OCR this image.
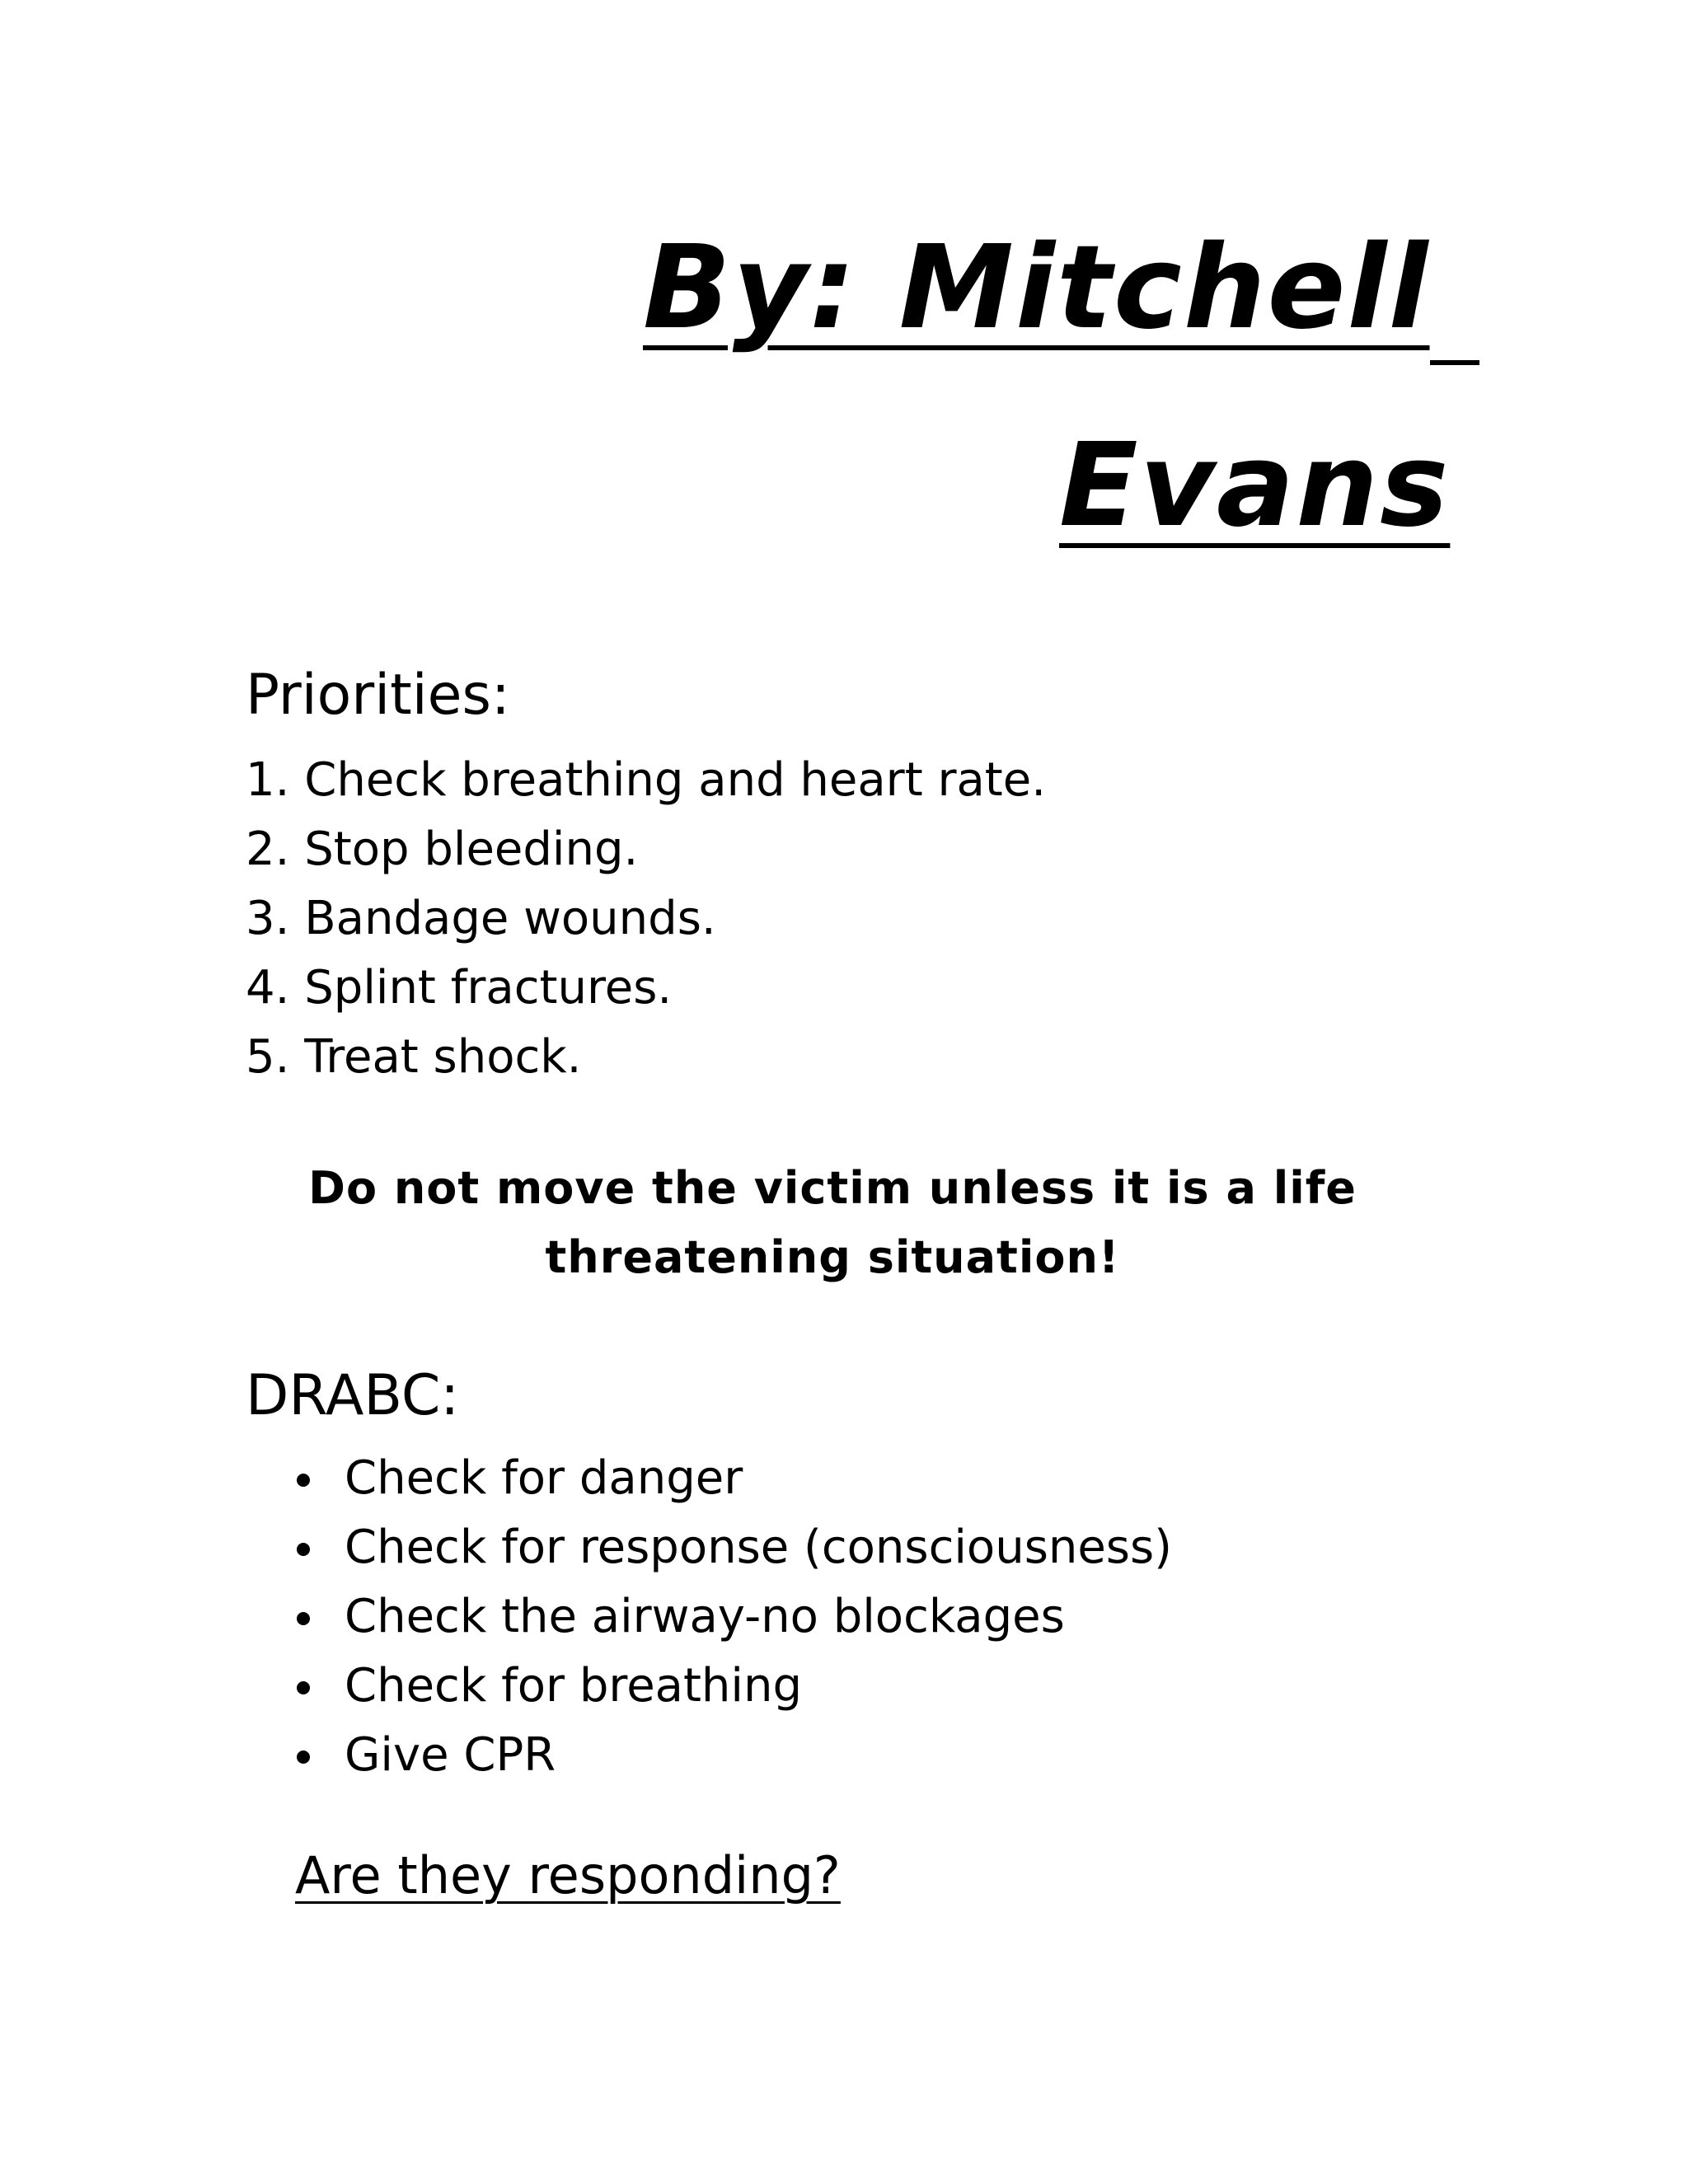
By: Mitchell
Evans
Priorities:
1. Check breathing and heart rate.
2. Stop bleeding.
3. Bandage wounds.
4. Splint fractures.
5. Treat shock.
Do not move the victim unless it is a life
threatening situation!
DRABC:
Check for danger
Check for response (consciousness)
Check the airway-no blockages
Check for breathing
Give CPR
Are they responding?
